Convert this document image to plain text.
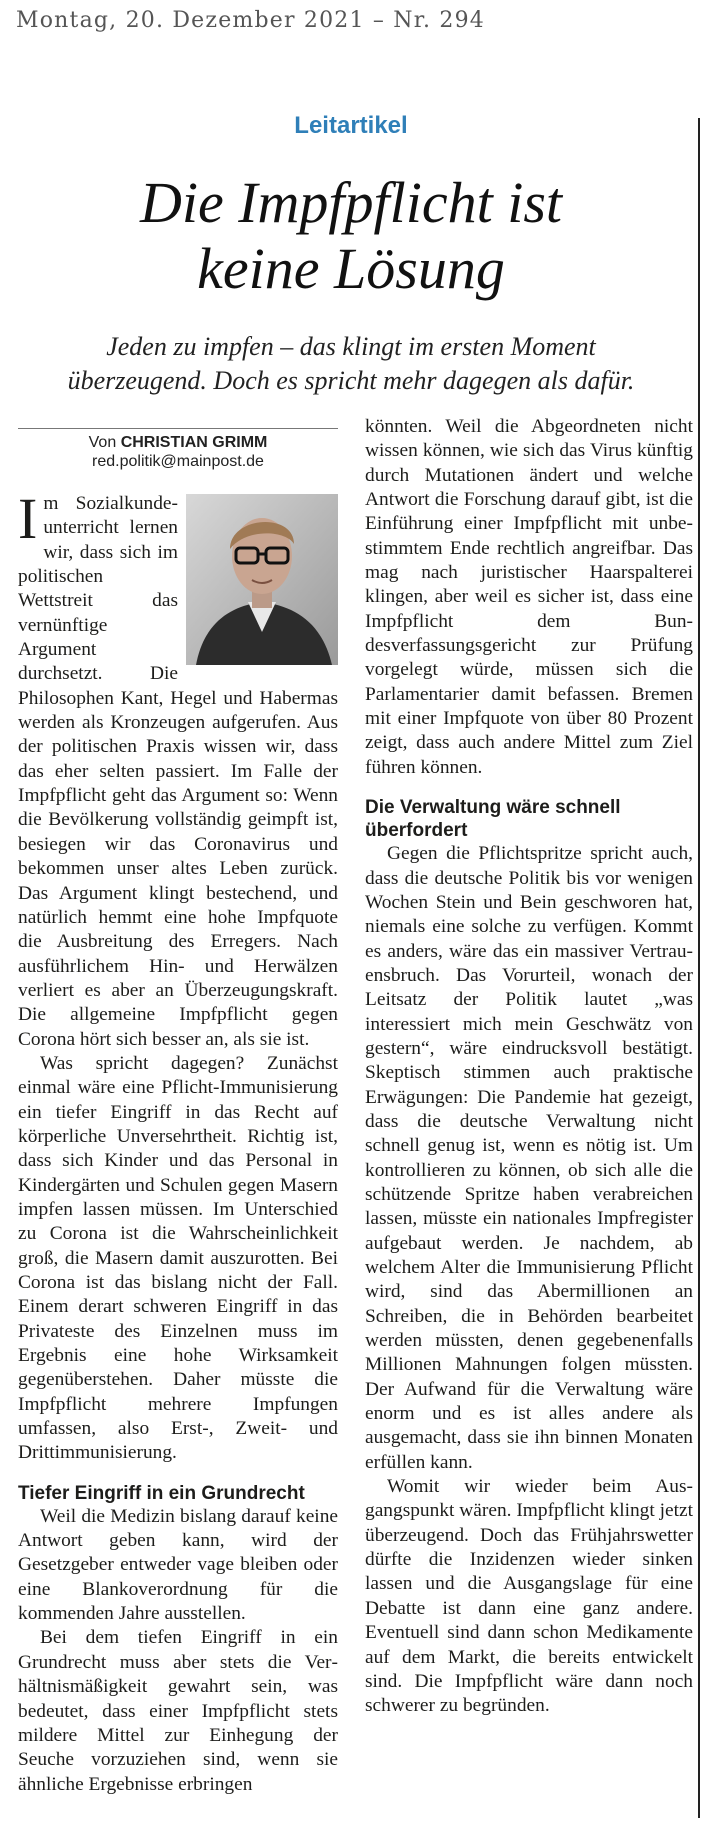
Montag, 20. Dezember 2021 – Nr. 294
Leitartikel
Die Impfpflicht ist
keine Lösung
Jeden zu impfen – das klingt im ersten Moment
überzeugend. Doch es spricht mehr dagegen als dafür.
Von CHRISTIAN GRIMM
red.politik@mainpost.de

Im Sozialkundeunterricht lernen wir, dass sich im politischen Wettstreit das vernünftige Argument durchsetzt. Die Philosophen Kant, Hegel und Habermas werden als Kronzeugen aufgerufen. Aus der politischen Praxis wissen wir, dass das eher selten passiert. Im Falle der Impfpflicht geht das Argument so: Wenn die Bevölkerung vollständig geimpft ist, besiegen wir das Coronavirus und bekommen unser altes Leben zurück. Das Argument klingt bestechend, und natürlich hemmt eine hohe Impfquote die Ausbreitung des Erregers. Nach ausführlichem Hin- und Herwälzen verliert es aber an Überzeugungskraft. Die allgemeine Impfpflicht gegen Corona hört sich besser an, als sie ist.

Was spricht dagegen? Zunächst einmal wäre eine Pflicht-Immunisierung ein tiefer Eingriff in das Recht auf körperliche Unversehrtheit. Richtig ist, dass sich Kinder und das Personal in Kindergärten und Schulen gegen Masern impfen lassen müssen. Im Unterschied zu Corona ist die Wahrscheinlichkeit groß, die Masern damit auszurotten. Bei Corona ist das bislang nicht der Fall. Einem derart schweren Eingriff in das Privateste des Einzelnen muss im Ergebnis eine hohe Wirksamkeit gegenüberstehen. Daher müsste die Impfpflicht mehrere Impfungen umfassen, also Erst-, Zweit- und Drittimmunisierung.

Tiefer Eingriff in ein Grundrecht

Weil die Medizin bislang darauf keine Antwort geben kann, wird der Gesetzgeber entweder vage bleiben oder eine Blankoverordnung für die kommenden Jahre ausstellen.

Bei dem tiefen Eingriff in ein Grundrecht muss aber stets die Verhältnismäßigkeit gewahrt sein, was bedeutet, dass einer Impfpflicht stets mildere Mittel zur Einhegung der Seuche vorzuziehen sind, wenn sie ähnliche Ergebnisse erbringen

könnten. Weil die Abgeordneten nicht wissen können, wie sich das Virus künftig durch Mutationen ändert und welche Antwort die Forschung darauf gibt, ist die Einführung einer Impfpflicht mit unbestimmtem Ende rechtlich angreifbar. Das mag nach juristischer Haarspalterei klingen, aber weil es sicher ist, dass eine Impfpflicht dem Bundesverfassungsgericht zur Prüfung vorgelegt würde, müssen sich die Parlamentarier damit befassen. Bremen mit einer Impfquote von über 80 Prozent zeigt, dass auch andere Mittel zum Ziel führen können.

Die Verwaltung wäre schnell überfordert

Gegen die Pflichtspritze spricht auch, dass die deutsche Politik bis vor wenigen Wochen Stein und Bein geschworen hat, niemals eine solche zu verfügen. Kommt es anders, wäre das ein massiver Vertrauensbruch. Das Vorurteil, wonach der Leitsatz der Politik lautet „was interessiert mich mein Geschwätz von gestern“, wäre eindrucksvoll bestätigt. Skeptisch stimmen auch praktische Erwägungen: Die Pandemie hat gezeigt, dass die deutsche Verwaltung nicht schnell genug ist, wenn es nötig ist. Um kontrollieren zu können, ob sich alle die schützende Spritze haben verabreichen lassen, müsste ein nationales Impfregister aufgebaut werden. Je nachdem, ab welchem Alter die Immunisierung Pflicht wird, sind das Abermillionen an Schreiben, die in Behörden bearbeitet werden müssten, denen gegebenenfalls Millionen Mahnungen folgen müssten. Der Aufwand für die Verwaltung wäre enorm und es ist alles andere als ausgemacht, dass sie ihn binnen Monaten erfüllen kann.

Womit wir wieder beim Ausgangspunkt wären. Impfpflicht klingt jetzt überzeugend. Doch das Frühjahrswetter dürfte die Inzidenzen wieder sinken lassen und die Ausgangslage für eine Debatte ist dann eine ganz andere. Eventuell sind dann schon Medikamente auf dem Markt, die bereits entwickelt sind. Die Impfpflicht wäre dann noch schwerer zu begründen.
